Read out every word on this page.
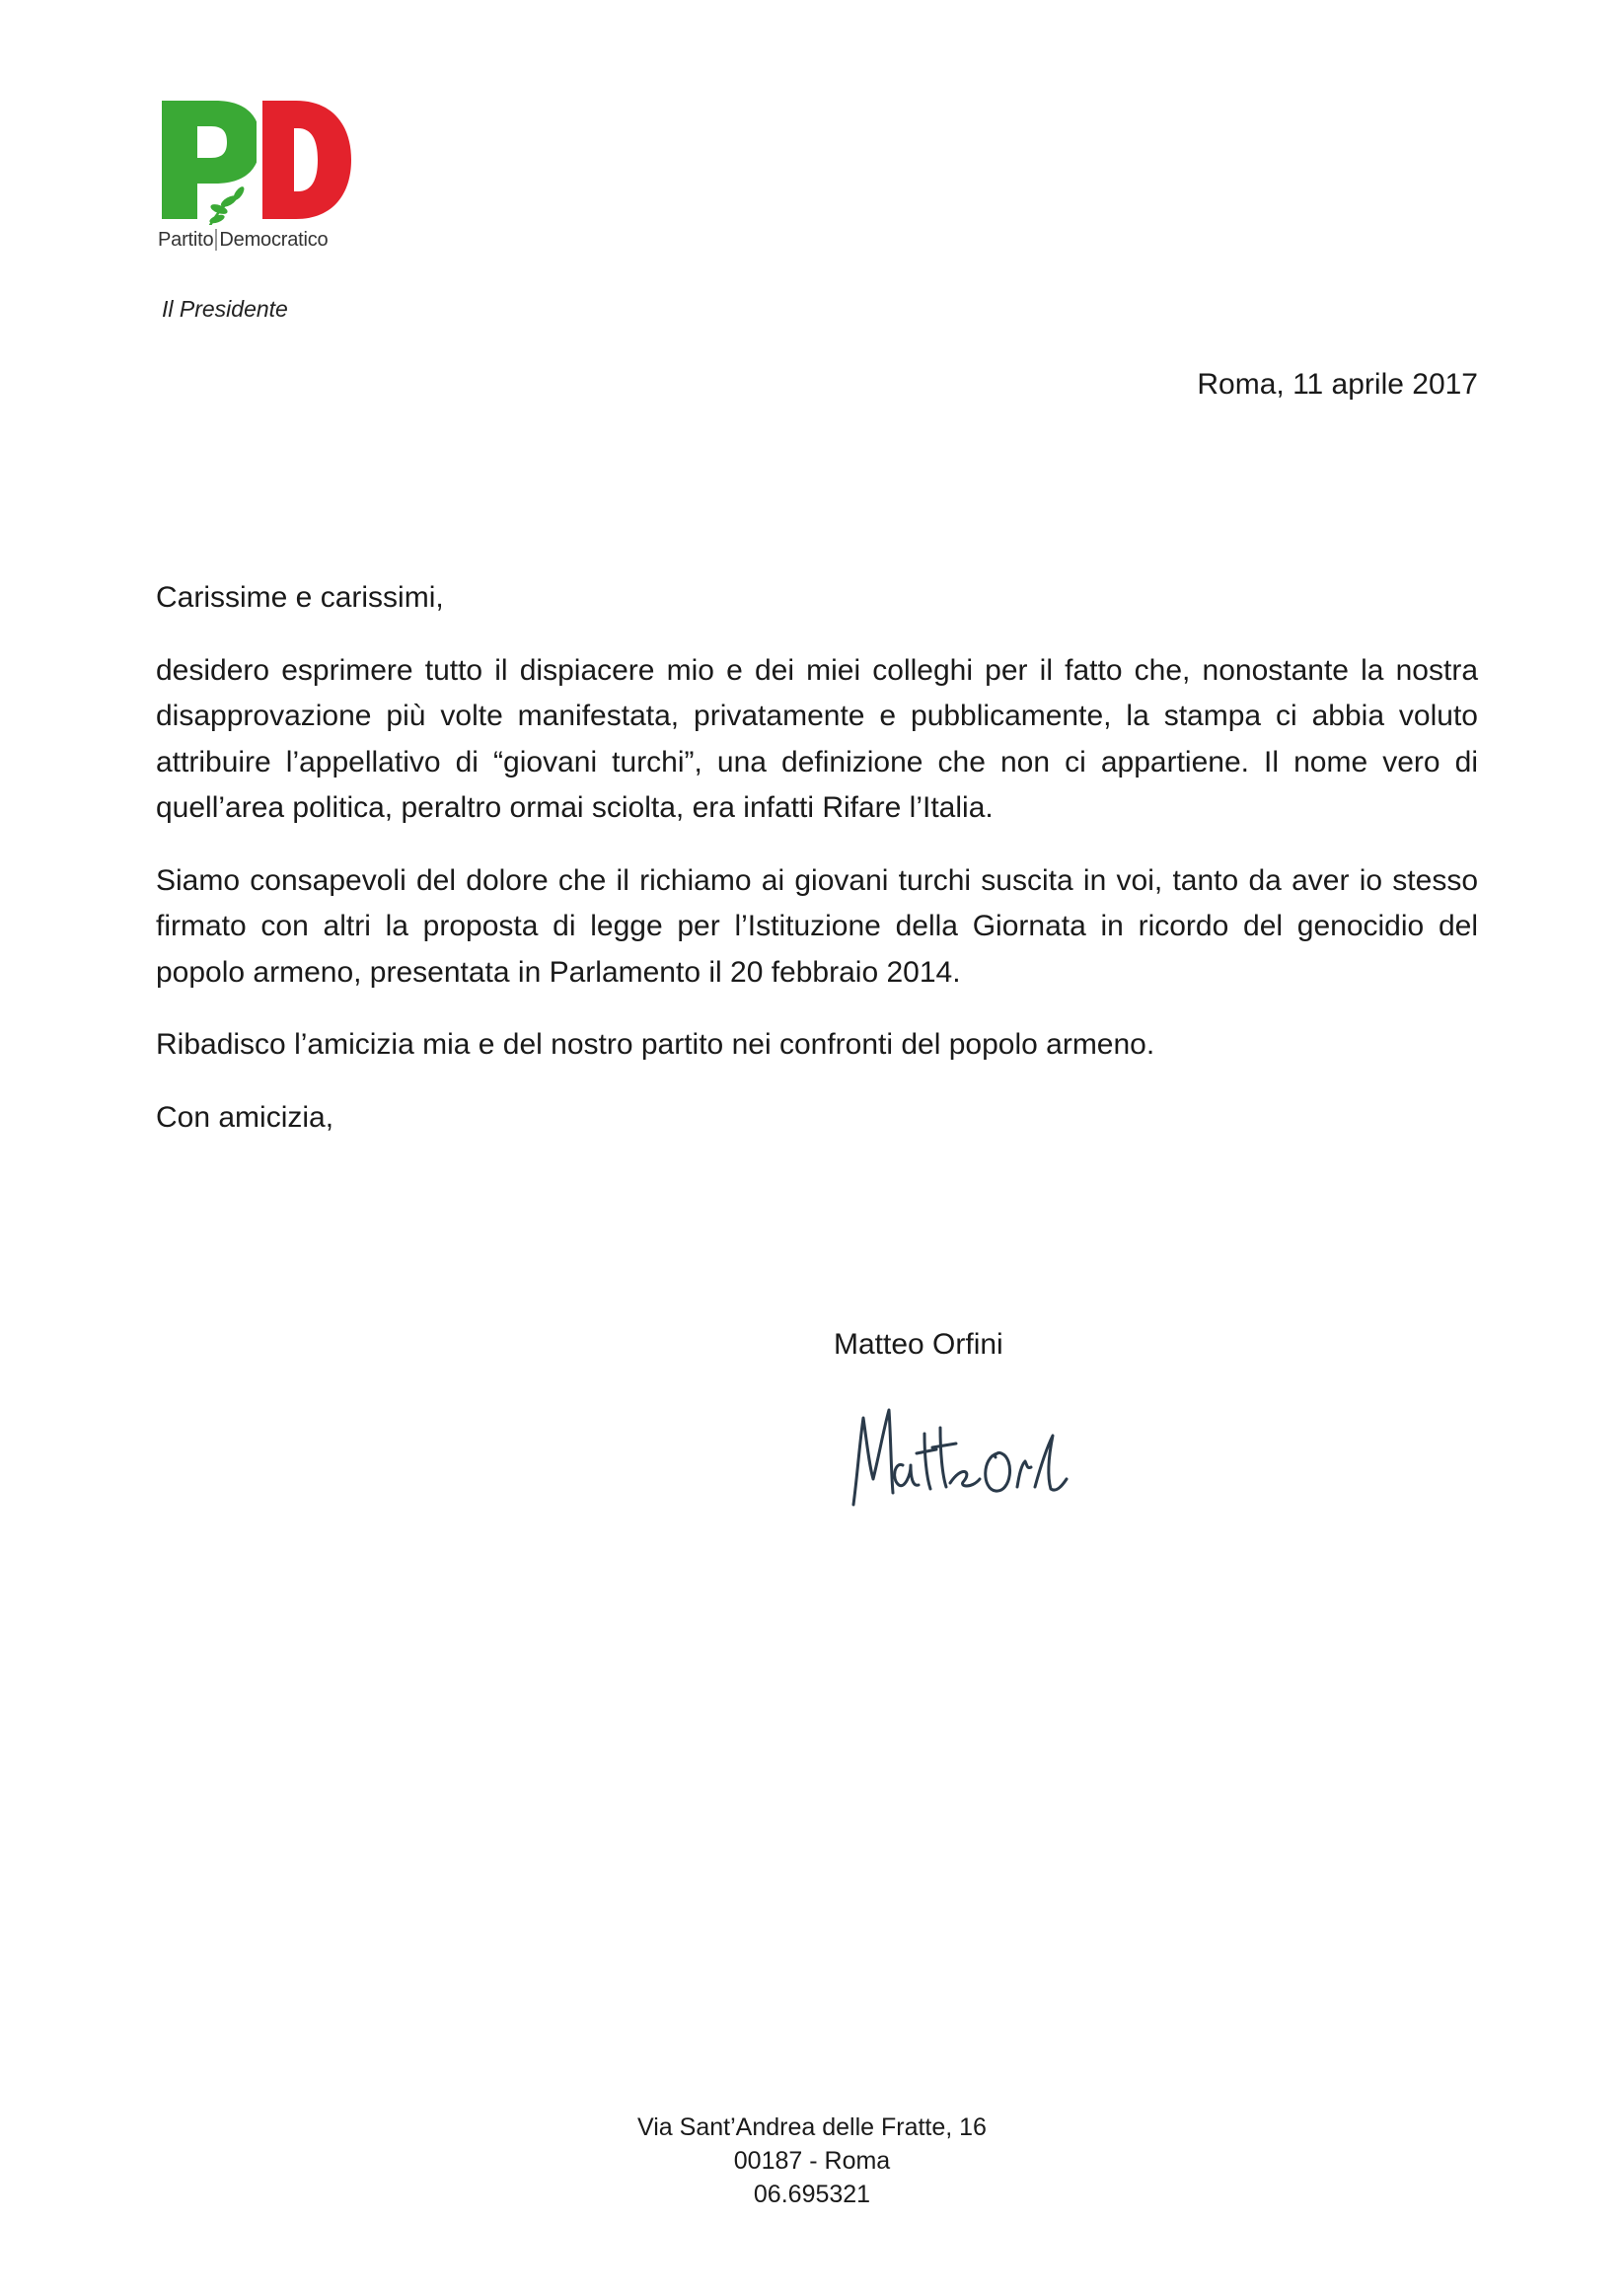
Partito Democratico
Il Presidente
Roma, 11 aprile 2017

Carissime e carissimi,

desidero esprimere tutto il dispiacere mio e dei miei colleghi per il fatto che, nonostante la nostra disapprovazione più volte manifestata, privatamente e pubblicamente, la stampa ci abbia voluto attribuire l’appellativo di “giovani turchi”, una definizione che non ci appartiene. Il nome vero di quell’area politica, peraltro ormai sciolta, era infatti Rifare l’Italia.

Siamo consapevoli del dolore che il richiamo ai giovani turchi suscita in voi, tanto da aver io stesso firmato con altri la proposta di legge per l’Istituzione della Giornata in ricordo del genocidio del popolo armeno, presentata in Parlamento il 20 febbraio 2014.

Ribadisco l’amicizia mia e del nostro partito nei confronti del popolo armeno.

Con amicizia,

Matteo Orfini
Via Sant’Andrea delle Fratte, 16
00187 - Roma
06.695321
